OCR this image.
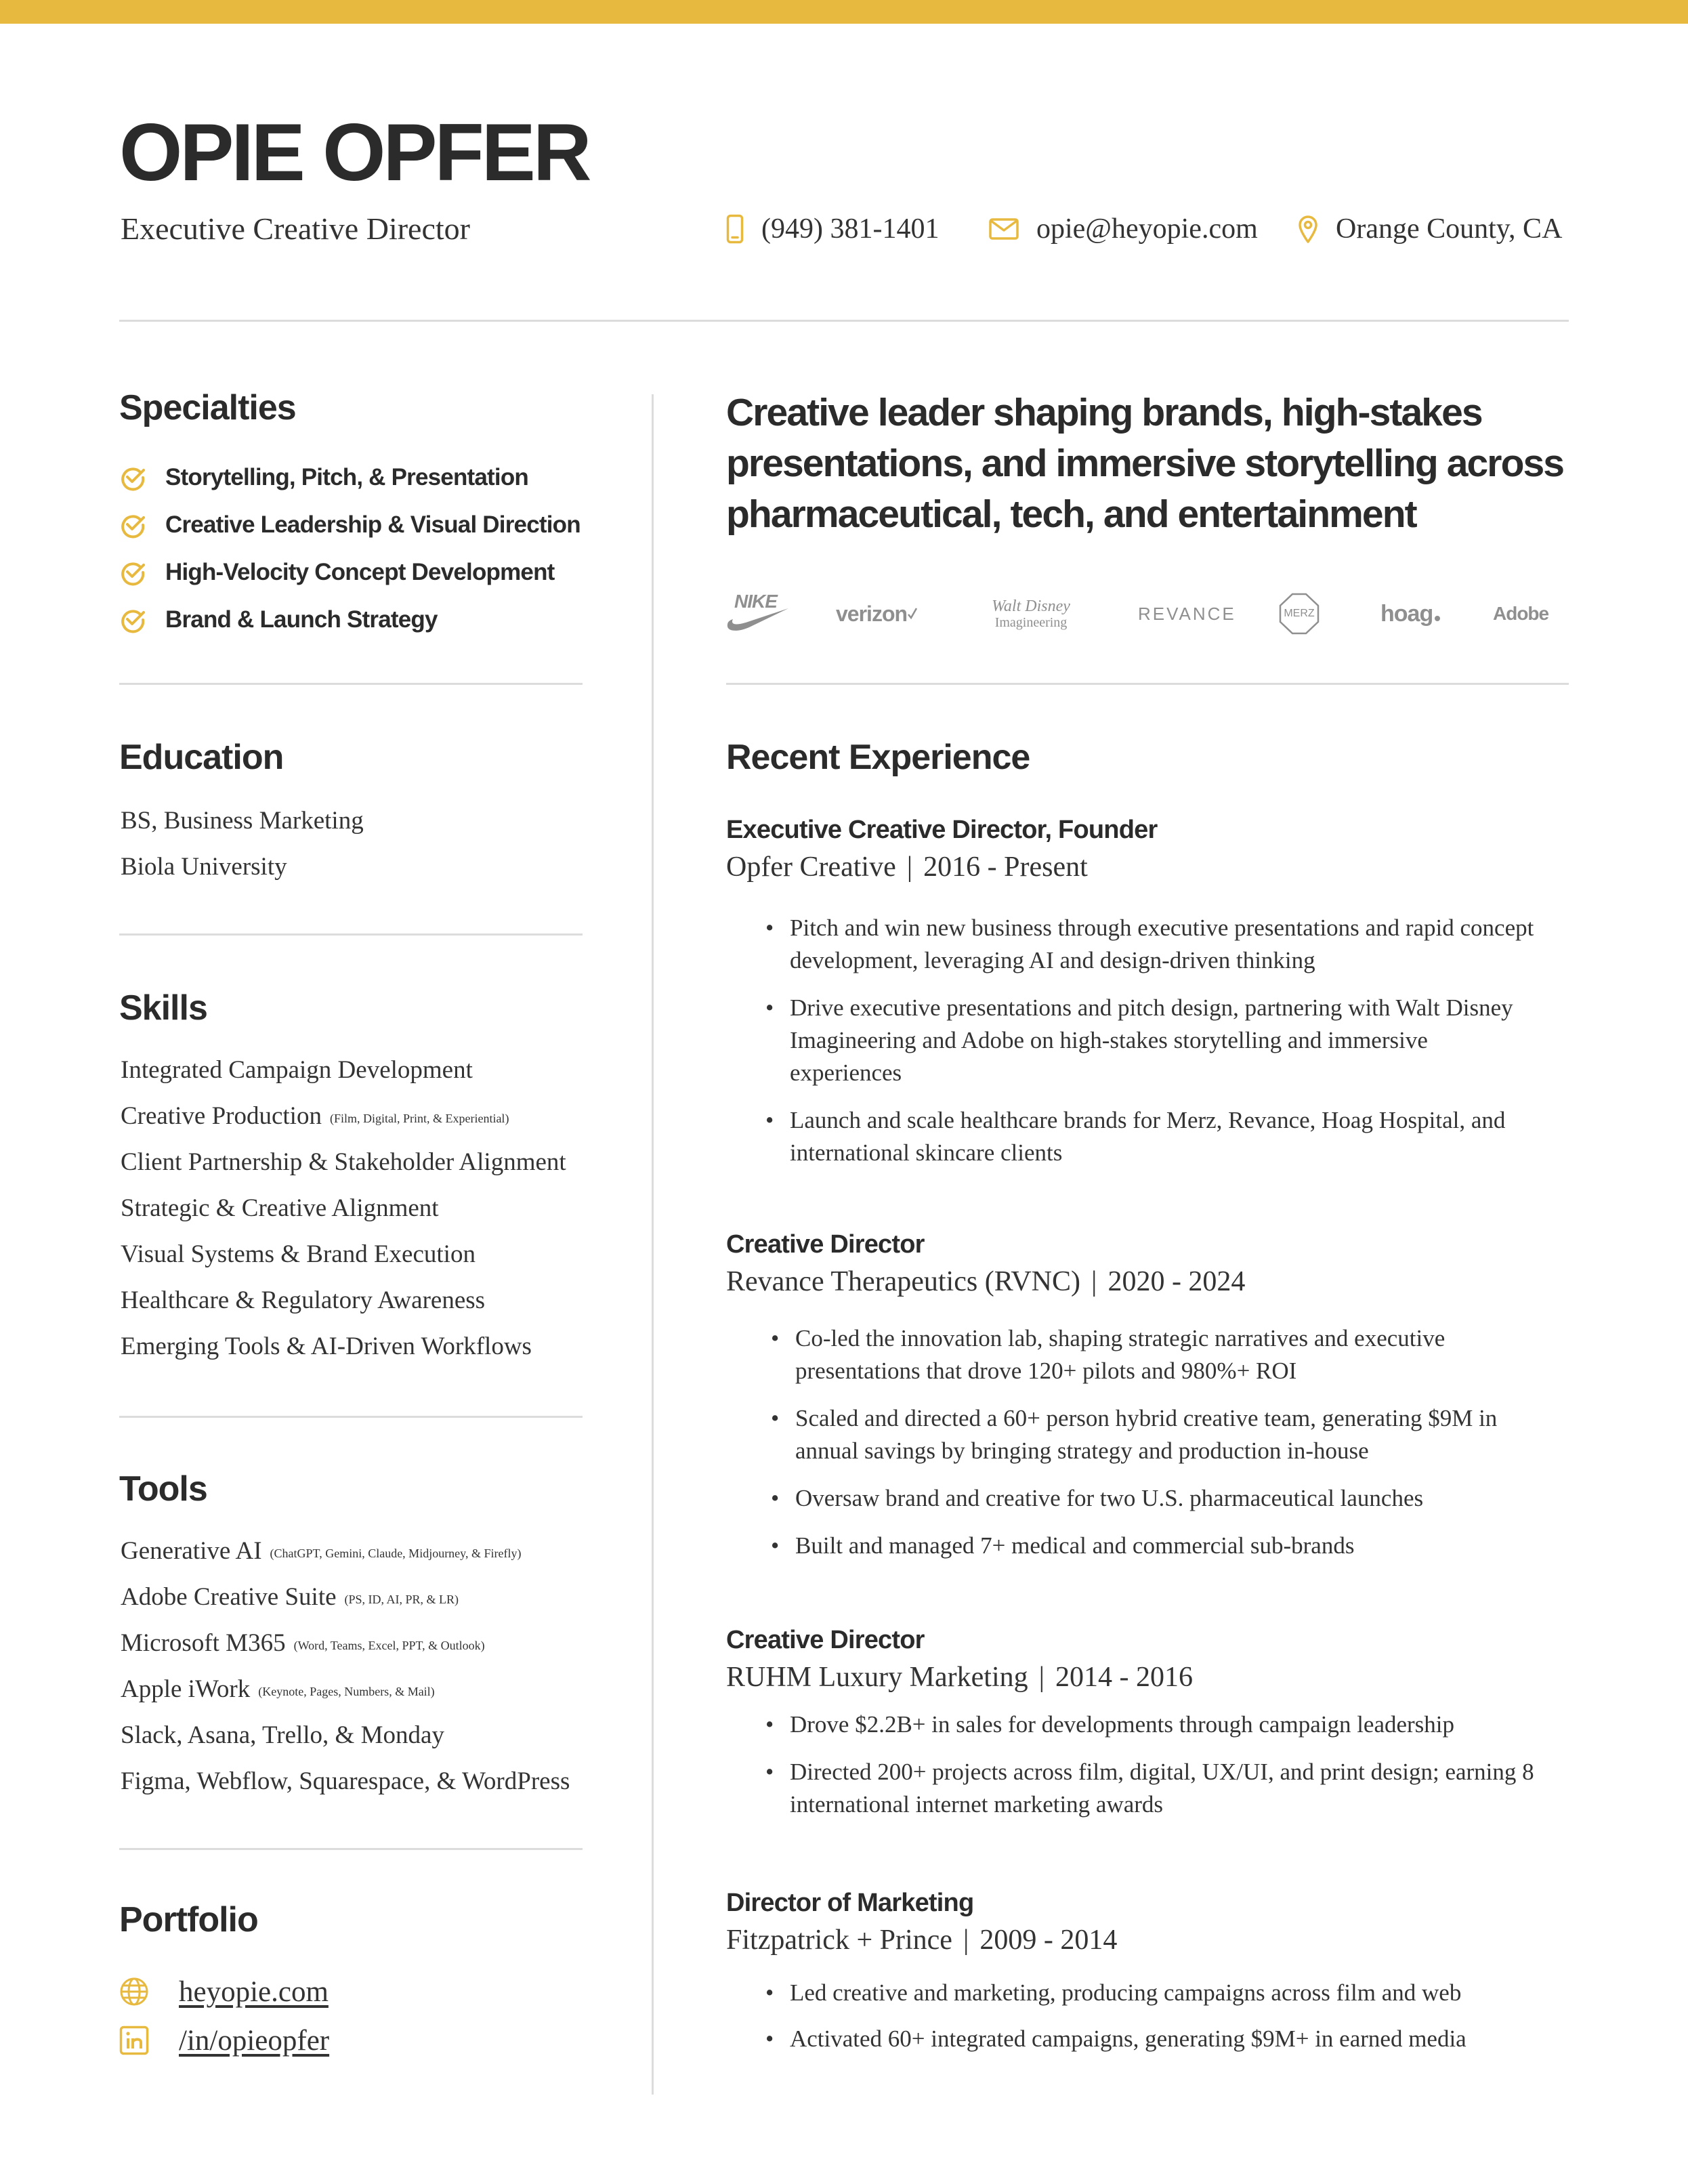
OPIE OPFER
Executive Creative Director	(949) 381-1401	opie@heyopie.com	Orange County, CA
Specialties
Storytelling, Pitch, & Presentation
Creative Leadership & Visual Direction
High-Velocity Concept Development
Brand & Launch Strategy
Education
BS, Business Marketing
Biola University
Skills
Integrated Campaign Development
Creative Production (Film, Digital, Print, & Experiential)
Client Partnership & Stakeholder Alignment
Strategic & Creative Alignment
Visual Systems & Brand Execution
Healthcare & Regulatory Awareness
Emerging Tools & AI-Driven Workflows
Tools
Generative AI (ChatGPT, Gemini, Claude, Midjourney, & Firefly)
Adobe Creative Suite (PS, ID, AI, PR, & LR)
Microsoft M365 (Word, Teams, Excel, PPT, & Outlook)
Apple iWork (Keynote, Pages, Numbers, & Mail)
Slack, Asana, Trello, & Monday
Figma, Webflow, Squarespace, & WordPress
Portfolio
heyopie.com
/in/opieopfer

Creative leader shaping brands, high-stakes presentations, and immersive storytelling across pharmaceutical, tech, and entertainment

NIKE	verizon	Walt Disney
Imagineering	REVANCE	MERZ	hoag	Adobe
Recent Experience
Executive Creative Director, Founder
Opfer Creative | 2016 - Present
• Pitch and win new business through executive presentations and rapid concept development, leveraging AI and design-driven thinking
• Drive executive presentations and pitch design, partnering with Walt Disney Imagineering and Adobe on high-stakes storytelling and immersive experiences
• Launch and scale healthcare brands for Merz, Revance, Hoag Hospital, and international skincare clients
Creative Director
Revance Therapeutics (RVNC) | 2020 - 2024
• Co-led the innovation lab, shaping strategic narratives and executive presentations that drove 120+ pilots and 980%+ ROI
• Scaled and directed a 60+ person hybrid creative team, generating $9M in annual savings by bringing strategy and production in-house
• Oversaw brand and creative for two U.S. pharmaceutical launches
• Built and managed 7+ medical and commercial sub-brands
Creative Director
RUHM Luxury Marketing | 2014 - 2016
• Drove $2.2B+ in sales for developments through campaign leadership
• Directed 200+ projects across film, digital, UX/UI, and print design; earning 8 international internet marketing awards
Director of Marketing
Fitzpatrick + Prince | 2009 - 2014
• Led creative and marketing, producing campaigns across film and web
• Activated 60+ integrated campaigns, generating $9M+ in earned media
